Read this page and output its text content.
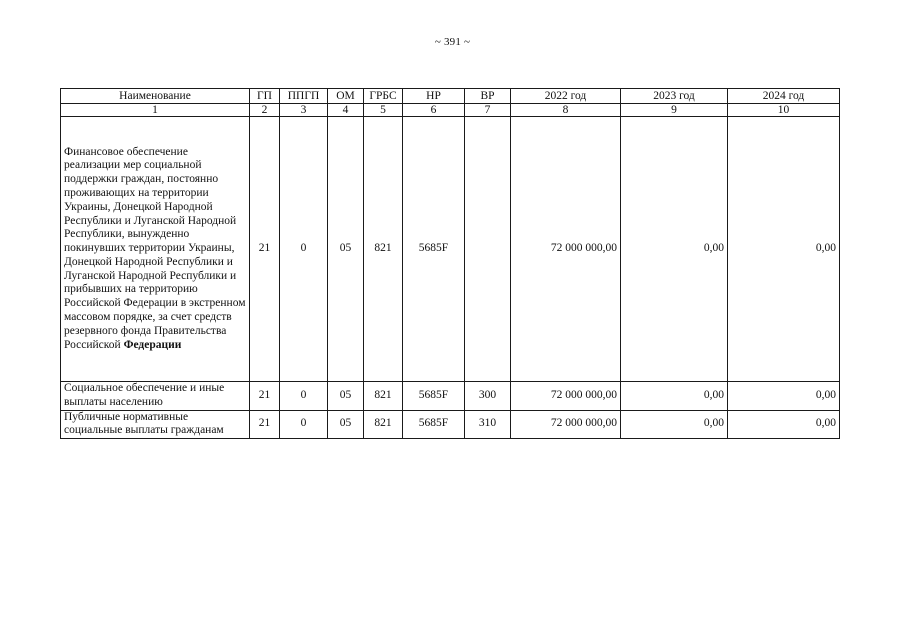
~ 391 ~
Наименование	ГП	ППГП	ОМ	ГРБС	НР	ВР	2022 год	2023 год	2024 год
1	2	3	4	5	6	7	8	9	10
Финансовое обеспечение реализации мер социальной поддержки граждан, постоянно проживающих на территории Украины, Донецкой Народной Республики и Луганской Народной Республики, вынужденно покинувших территории Украины, Донецкой Народной Республики и Луганской Народной Республики и прибывших на территорию Российской Федерации в экстренном массовом порядке, за счет средств резервного фонда Правительства Российской Федерации	21	0	05	821	5685F		72 000 000,00	0,00	0,00
Социальное обеспечение и иные выплаты населению	21	0	05	821	5685F	300	72 000 000,00	0,00	0,00
Публичные нормативные социальные выплаты гражданам	21	0	05	821	5685F	310	72 000 000,00	0,00	0,00
